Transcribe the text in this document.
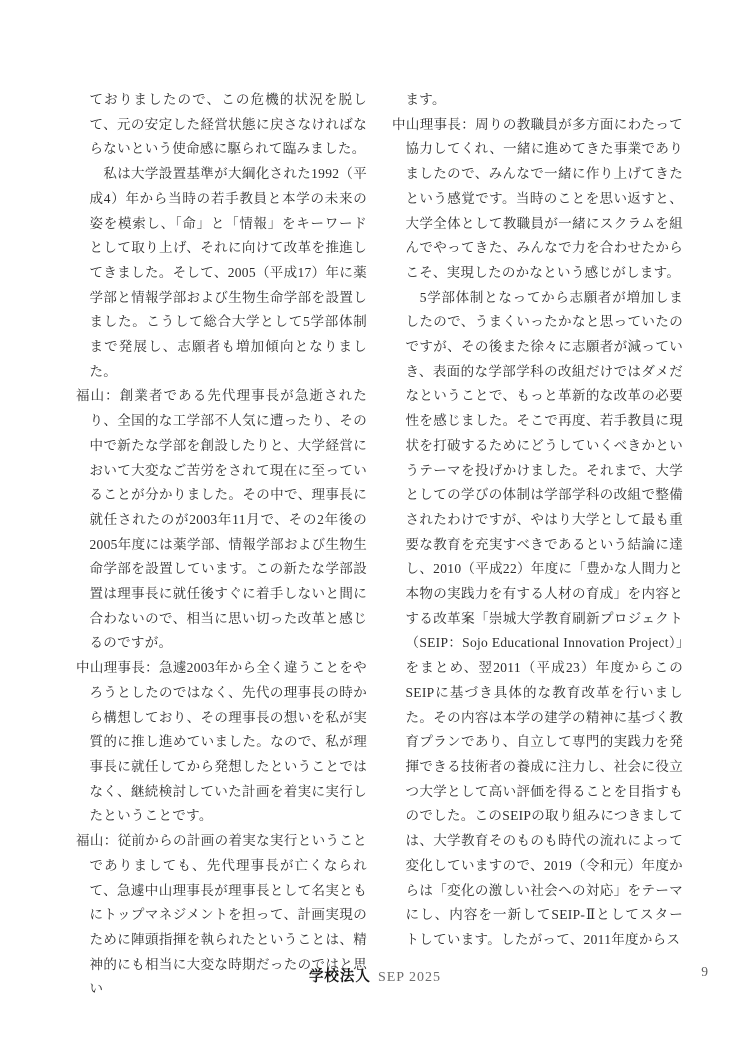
ておりましたので、この危機的状況を脱して、元の安定した経営状態に戻さなければならないという使命感に駆られて臨みました。

　私は大学設置基準が大綱化された1992（平成4）年から当時の若手教員と本学の未来の姿を模索し、「命」と「情報」をキーワードとして取り上げ、それに向けて改革を推進してきました。そして、2005（平成17）年に薬学部と情報学部および生物生命学部を設置しました。こうして総合大学として5学部体制まで発展し、志願者も増加傾向となりました。

福山：創業者である先代理事長が急逝されたり、全国的な工学部不人気に遭ったり、その中で新たな学部を創設したりと、大学経営において大変なご苦労をされて現在に至っていることが分かりました。その中で、理事長に就任されたのが2003年11月で、その2年後の2005年度には薬学部、情報学部および生物生命学部を設置しています。この新たな学部設置は理事長に就任後すぐに着手しないと間に合わないので、相当に思い切った改革と感じるのですが。

中山理事長：急遽2003年から全く違うことをやろうとしたのではなく、先代の理事長の時から構想しており、その理事長の想いを私が実質的に推し進めていました。なので、私が理事長に就任してから発想したということではなく、継続検討していた計画を着実に実行したということです。

福山：従前からの計画の着実な実行ということでありましても、先代理事長が亡くなられて、急遽中山理事長が理事長として名実ともにトップマネジメントを担って、計画実現のために陣頭指揮を執られたということは、精神的にも相当に大変な時期だったのではと思い

ます。

中山理事長：周りの教職員が多方面にわたって協力してくれ、一緒に進めてきた事業でありましたので、みんなで一緒に作り上げてきたという感覚です。当時のことを思い返すと、大学全体として教職員が一緒にスクラムを組んでやってきた、みんなで力を合わせたからこそ、実現したのかなという感じがします。

　5学部体制となってから志願者が増加しましたので、うまくいったかなと思っていたのですが、その後また徐々に志願者が減っていき、表面的な学部学科の改組だけではダメだなということで、もっと革新的な改革の必要性を感じました。そこで再度、若手教員に現状を打破するためにどうしていくべきかというテーマを投げかけました。それまで、大学としての学びの体制は学部学科の改組で整備されたわけですが、やはり大学として最も重要な教育を充実すべきであるという結論に達し、2010（平成22）年度に「豊かな人間力と本物の実践力を有する人材の育成」を内容とする改革案「崇城大学教育刷新プロジェクト（SEIP：Sojo Educational Innovation Project）」をまとめ、翌2011（平成23）年度からこのSEIPに基づき具体的な教育改革を行いました。その内容は本学の建学の精神に基づく教育プランであり、自立して専門的実践力を発揮できる技術者の養成に注力し、社会に役立つ大学として高い評価を得ることを目指すものでした。このSEIPの取り組みにつきましては、大学教育そのものも時代の流れによって変化していますので、2019（令和元）年度からは「変化の激しい社会への対応」をテーマにし、内容を一新してSEIP-Ⅱとしてスタートしています。したがって、2011年度からス

学校法人 SEP 2025	9
